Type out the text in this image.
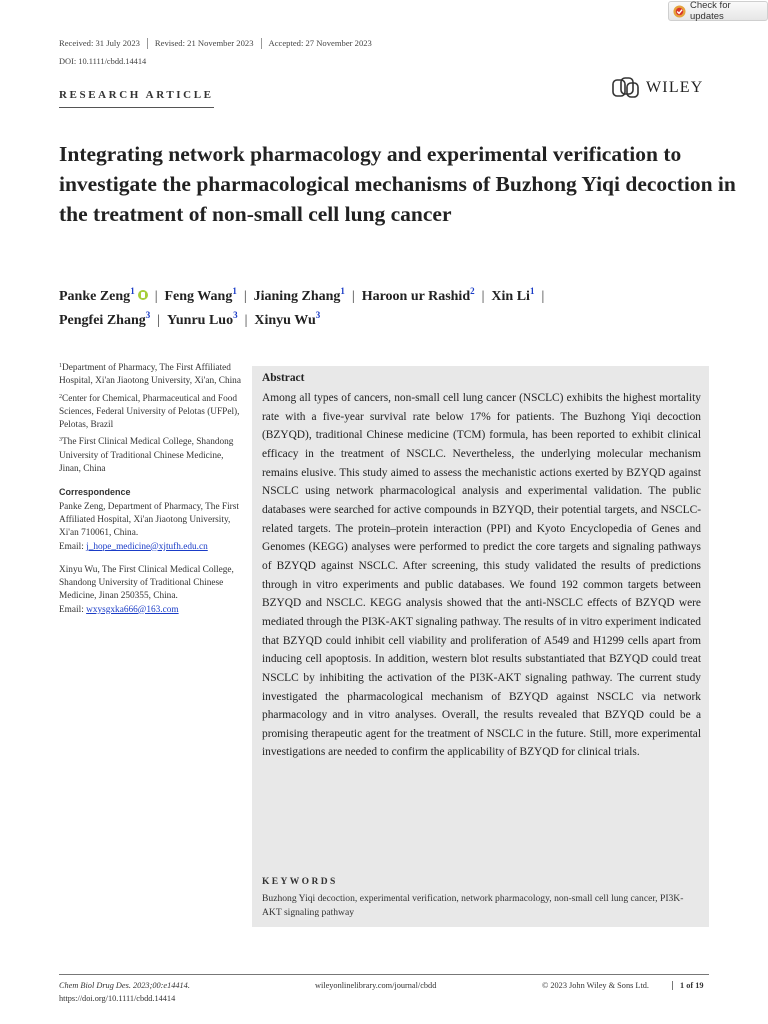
Check for updates
Received: 31 July 2023 Revised: 21 November 2023 Accepted: 27 November 2023
DOI: 10.1111/cbdd.14414
RESEARCH ARTICLE	WILEY
Integrating network pharmacology and experimental verification to investigate the pharmacological mechanisms of Buzhong Yiqi decoction in the treatment of non-small cell lung cancer
Panke Zeng$^1$ | Feng Wang$^1$ | Jianing Zhang$^1$ | Haroon ur Rashid$^2$ | Xin Li$^1$ |
Pengfei Zhang$^3$ | Yunru Luo$^3$ | Xinyu Wu$^3$
$^1$Department of Pharmacy, The First Affiliated Hospital, Xi'an Jiaotong University, Xi'an, China
$^2$Center for Chemical, Pharmaceutical and Food Sciences, Federal University of Pelotas (UFPel), Pelotas, Brazil
$^3$The First Clinical Medical College, Shandong University of Traditional Chinese Medicine, Jinan, China
Correspondence
Panke Zeng, Department of Pharmacy, The First Affiliated Hospital, Xi'an Jiaotong University, Xi'an 710061, China.
Email: j_hope_medicine@xjtufh.edu.cn
Xinyu Wu, The First Clinical Medical College, Shandong University of Traditional Chinese Medicine, Jinan 250355, China.
Email: wxysgxka666@163.com
Abstract

Among all types of cancers, non-small cell lung cancer (NSCLC) exhibits the highest mortality rate with a five-year survival rate below 17% for patients. The Buzhong Yiqi decoction (BZYQD), traditional Chinese medicine (TCM) formula, has been reported to exhibit clinical efficacy in the treatment of NSCLC. Nevertheless, the underlying molecular mechanism remains elusive. This study aimed to assess the mechanistic actions exerted by BZYQD against NSCLC using network pharmacological analysis and experimental validation. The public databases were searched for active compounds in BZYQD, their potential targets, and NSCLC-related targets. The protein–protein interaction (PPI) and Kyoto Encyclopedia of Genes and Genomes (KEGG) analyses were performed to predict the core targets and signaling pathways of BZYQD against NSCLC. After screening, this study validated the results of predictions through in vitro experiments and public databases. We found 192 common targets between BZYQD and NSCLC. KEGG analysis showed that the anti-NSCLC effects of BZYQD were mediated through the PI3K-AKT signaling pathway. The results of in vitro experiment indicated that BZYQD could inhibit cell viability and proliferation of A549 and H1299 cells apart from inducing cell apoptosis. In addition, western blot results substantiated that BZYQD could treat NSCLC by inhibiting the activation of the PI3K-AKT signaling pathway. The current study investigated the pharmacological mechanism of BZYQD against NSCLC via network pharmacology and in vitro analyses. Overall, the results revealed that BZYQD could be a promising therapeutic agent for the treatment of NSCLC in the future. Still, more experimental investigations are needed to confirm the applicability of BZYQD for clinical trials.

KEYWORDS

Buzhong Yiqi decoction, experimental verification, network pharmacology, non-small cell lung cancer, PI3K-AKT signaling pathway

Chem Biol Drug Des. 2023;00:e14414.
https://doi.org/10.1111/cbdd.14414
wileyonlinelibrary.com/journal/cbdd	© 2023 John Wiley & Sons Ltd.	1 of 19
